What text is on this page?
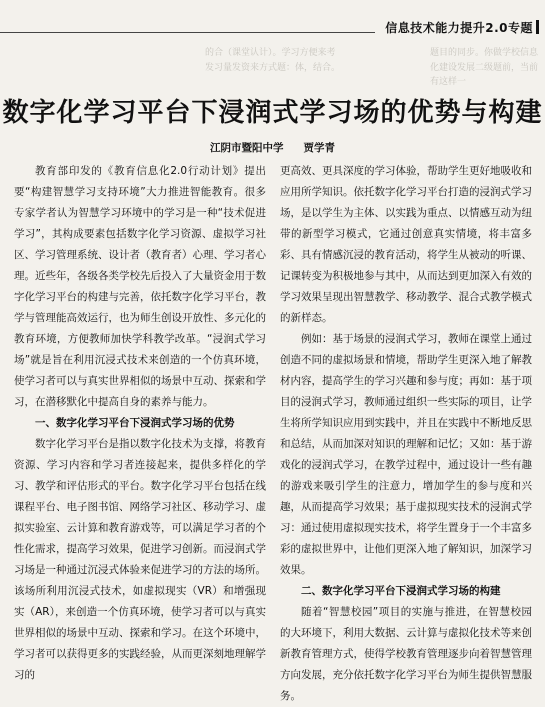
信息技术能力提升2.0专题
的合（课堂认计）。学习方便来考发习量发资来方式题：体，结合。
题目的同步。你做学校信息化建设发展二级题前，当前有这样一
数字化学习平台下浸润式学习场的优势与构建
江阴市暨阳中学 贾学青

教育部印发的《教育信息化2.0行动计划》提出要“构建智慧学习支持环境”大力推进智能教育。很多专家学者认为智慧学习环境中的学习是一种“技术促进学习”，其构成要素包括数字化学习资源、虚拟学习社区、学习管理系统、设计者（教育者）心理、学习者心理。近些年，各级各类学校先后投入了大量资金用于数字化学习平台的构建与完善，依托数字化学习平台，教学与管理能高效运行，也为师生创设开放性、多元化的教育环境，方便教师加快学科教学改革。“浸润式学习场”就是旨在利用沉浸式技术来创造的一个仿真环境，使学习者可以与真实世界相似的场景中互动、探索和学习，在潜移默化中提高自身的素养与能力。

一、数字化学习平台下浸润式学习场的优势

数字化学习平台是指以数字化技术为支撑，将教育资源、学习内容和学习者连接起来，提供多样化的学习、教学和评估形式的平台。数字化学习平台包括在线课程平台、电子图书馆、网络学习社区、移动学习、虚拟实验室、云计算和教育游戏等，可以满足学习者的个性化需求，提高学习效果，促进学习创新。而浸润式学习场是一种通过沉浸式体验来促进学习的方法的场所。该场所利用沉浸式技术，如虚拟现实（VR）和增强现实（AR），来创造一个仿真环境，使学习者可以与真实世界相似的场景中互动、探索和学习。在这个环境中，学习者可以获得更多的实践经验，从而更深刻地理解学习的

更高效、更具深度的学习体验，帮助学生更好地吸收和应用所学知识。依托数字化学习平台打造的浸润式学习场，是以学生为主体、以实践为重点、以情感互动为纽带的新型学习模式，它通过创意真实情境，将丰富多彩、具有情感沉浸的教育活动，将学生从被动的听课、记课转变为积极地参与其中，从而达到更加深入有效的学习效果呈现出智慧教学、移动教学、混合式教学模式的新样态。

例如：基于场景的浸润式学习，教师在课堂上通过创造不同的虚拟场景和情境，帮助学生更深入地了解教材内容，提高学生的学习兴趣和参与度；再如：基于项目的浸润式学习，教师通过组织一些实际的项目，让学生将所学知识应用到实践中，并且在实践中不断地反思和总结，从而加深对知识的理解和记忆；又如：基于游戏化的浸润式学习，在教学过程中，通过设计一些有趣的游戏来吸引学生的注意力，增加学生的参与度和兴趣，从而提高学习效果；基于虚拟现实技术的浸润式学习：通过使用虚拟现实技术，将学生置身于一个丰富多彩的虚拟世界中，让他们更深入地了解知识，加深学习效果。

二、数字化学习平台下浸润式学习场的构建

随着“智慧校园”项目的实施与推进，在智慧校园的大环境下，利用大数据、云计算与虚拟化技术等来创新教育管理方式，使得学校教育管理逐步向着智慧管理方向发展，充分依托数字化学习平台为师生提供智慧服务。
